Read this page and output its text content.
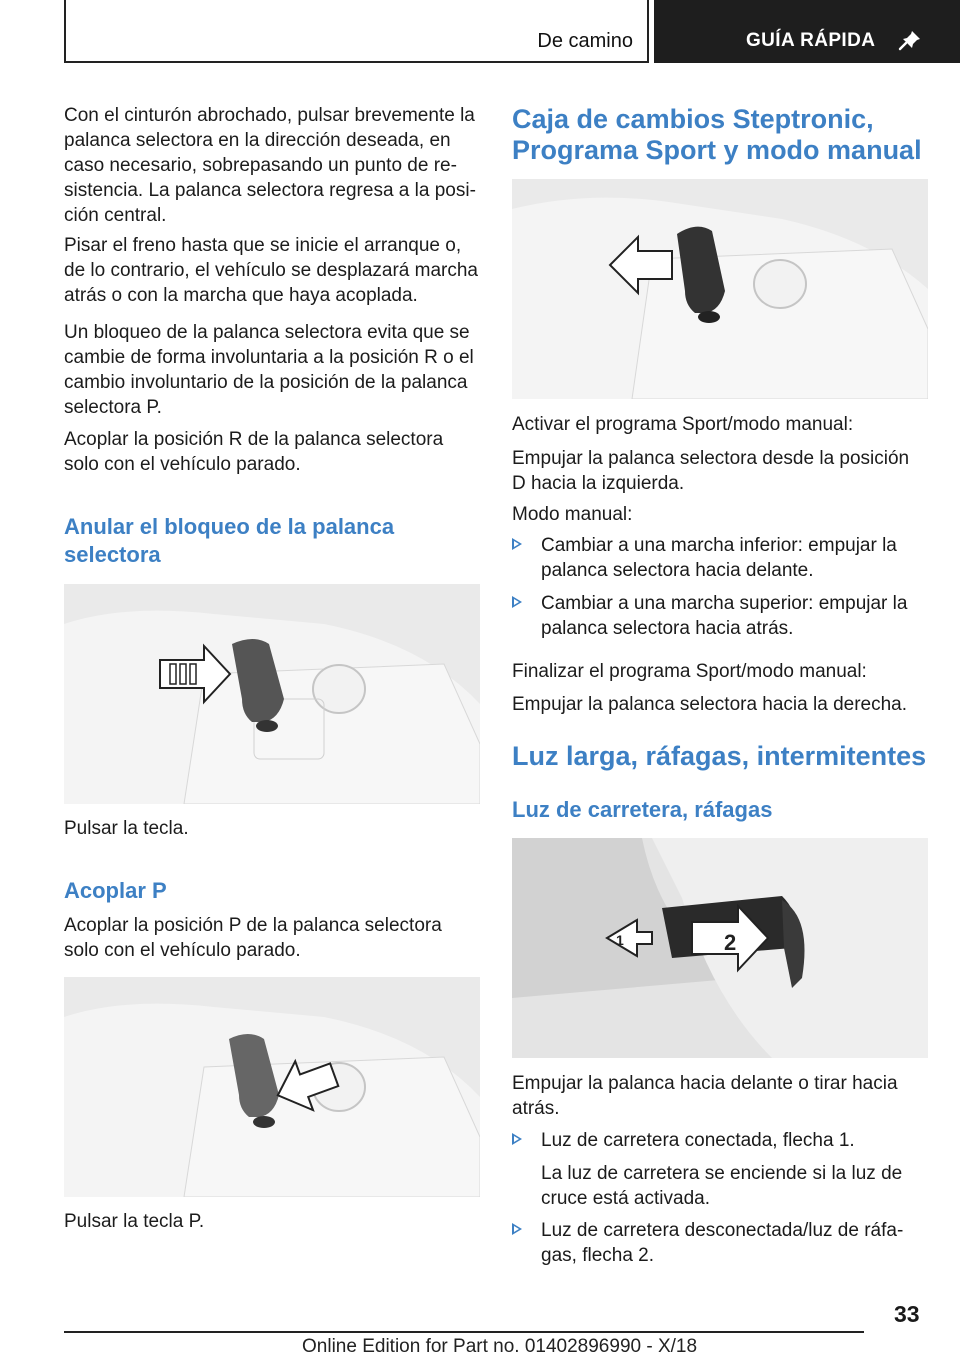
De camino	GUÍA RÁPIDA

Con el cinturón abrochado, pulsar brevemente la palanca selectora en la dirección deseada, en caso necesario, sobrepasando un punto de resistencia. La palanca selectora regresa a la posición central.

Pisar el freno hasta que se inicie el arranque o, de lo contrario, el vehículo se desplazará marcha atrás o con la marcha que haya acoplada.

Un bloqueo de la palanca selectora evita que se cambie de forma involuntaria a la posición R o el cambio involuntario de la posición de la palanca selectora P.

Acoplar la posición R de la palanca selectora solo con el vehículo parado.

Anular el bloqueo de la palanca selectora

Pulsar la tecla.

Acoplar P

Acoplar la posición P de la palanca selectora solo con el vehículo parado.

Pulsar la tecla P.

Caja de cambios Steptronic, Programa Sport y modo manual

Activar el programa Sport/modo manual:

Empujar la palanca selectora desde la posición D hacia la izquierda.

Modo manual:

Cambiar a una marcha inferior: empujar la palanca selectora hacia delante.
Cambiar a una marcha superior: empujar la palanca selectora hacia atrás.

Finalizar el programa Sport/modo manual:

Empujar la palanca selectora hacia la derecha.

Luz larga, ráfagas, intermitentes
Luz de carretera, ráfagas
1	2

Empujar la palanca hacia delante o tirar hacia atrás.

Luz de carretera conectada, flecha 1.

La luz de carretera se enciende si la luz de cruce está activada.

Luz de carretera desconectada/luz de ráfagas, flecha 2.
33
Online Edition for Part no. 01402896990 - X/18
